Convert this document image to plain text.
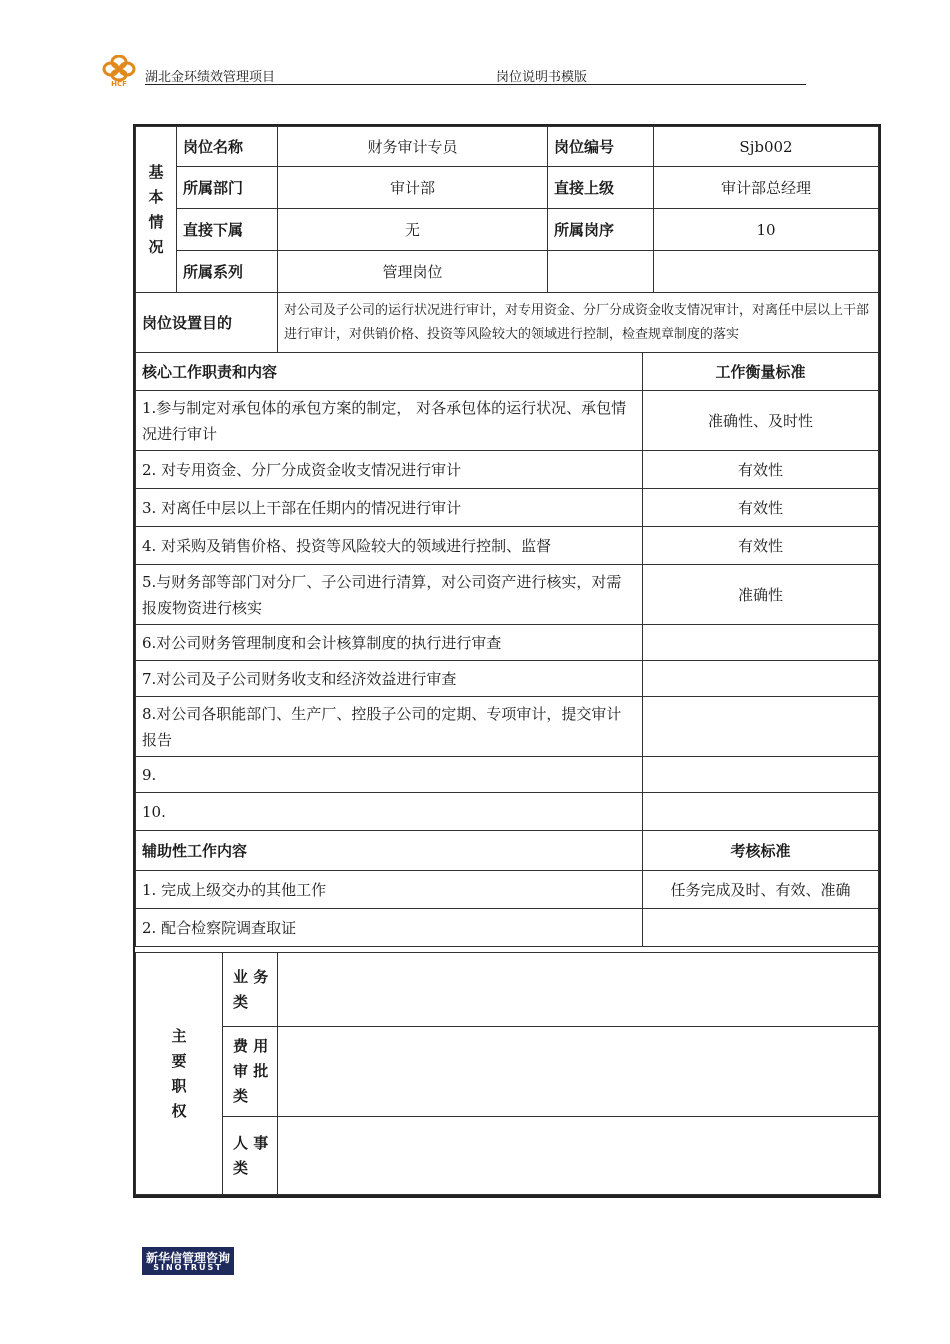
HCF 湖北金环绩效管理项目	岗位说明书模版
基
本
情
况	岗位名称	财务审计专员	岗位编号		Sjb002
	所属部门	审计部	直接上级		审计部总经理
	直接下属	无	所属岗序		10
	所属系列	管理岗位			
岗位设置目的		对公司及子公司的运行状况进行审计，对专用资金、分厂分成资金收支情况审计，对离任中层以上干部进行审计，对供销价格、投资等风险较大的领域进行控制，检查规章制度的落实			
核心工作职责和内容				工作衡量标准	
1.参与制定对承包体的承包方案的制定， 对各承包体的运行状况、承包情况进行审计				准确性、及时性	
2. 对专用资金、分厂分成资金收支情况进行审计				有效性	
3. 对离任中层以上干部在任期内的情况进行审计				有效性	
4. 对采购及销售价格、投资等风险较大的领域进行控制、监督				有效性	
5.与财务部等部门对分厂、子公司进行清算，对公司资产进行核实，对需报废物资进行核实				准确性	
6.对公司财务管理制度和会计核算制度的执行进行审查					
7.对公司及子公司财务收支和经济效益进行审查					
8.对公司各职能部门、生产厂、控股子公司的定期、专项审计，提交审计报告					
9.					
10.					
辅助性工作内容				考核标准	
1. 完成上级交办的其他工作				任务完成及时、有效、准确	
2. 配合检察院调查取证					
主
要
职
权	业 务
类	
	费 用
审 批
类	
	人 事
类	
新华信管理咨询
SINOTRUST
